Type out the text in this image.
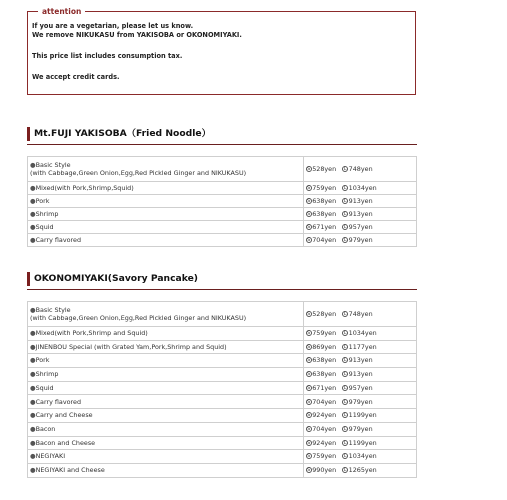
attention
If you are a vegetarian, please let us know.
We remove NIKUKASU from YAKISOBA or OKONOMIYAKI.
This price list includes consumption tax.
We accept credit cards.
Mt.FUJI YAKISOBA（Fried Noodle）
●Basic Style
(with Cabbage,Green Onion,Egg,Red Pickled Ginger and NIKUKASU)	S 528yen L 748yen
●Mixed(with Pork,Shrimp,Squid)	S 759yen L 1034yen
●Pork	S 638yen L 913yen
●Shrimp	S 638yen L 913yen
●Squid	S 671yen L 957yen
●Carry flavored	S 704yen L 979yen
OKONOMIYAKI(Savory Pancake)
●Basic Style
(with Cabbage,Green Onion,Egg,Red Pickled Ginger and NIKUKASU)	S 528yen L 748yen
●Mixed(with Pork,Shrimp and Squid)	S 759yen L 1034yen
●JINENBOU Special (with Grated Yam,Pork,Shrimp and Squid)	S 869yen L 1177yen
●Pork	S 638yen L 913yen
●Shrimp	S 638yen L 913yen
●Squid	S 671yen L 957yen
●Carry flavored	S 704yen L 979yen
●Carry and Cheese	S 924yen L 1199yen
●Bacon	S 704yen L 979yen
●Bacon and Cheese	S 924yen L 1199yen
●NEGIYAKI	S 759yen L 1034yen
●NEGIYAKI and Cheese	S 990yen L 1265yen
